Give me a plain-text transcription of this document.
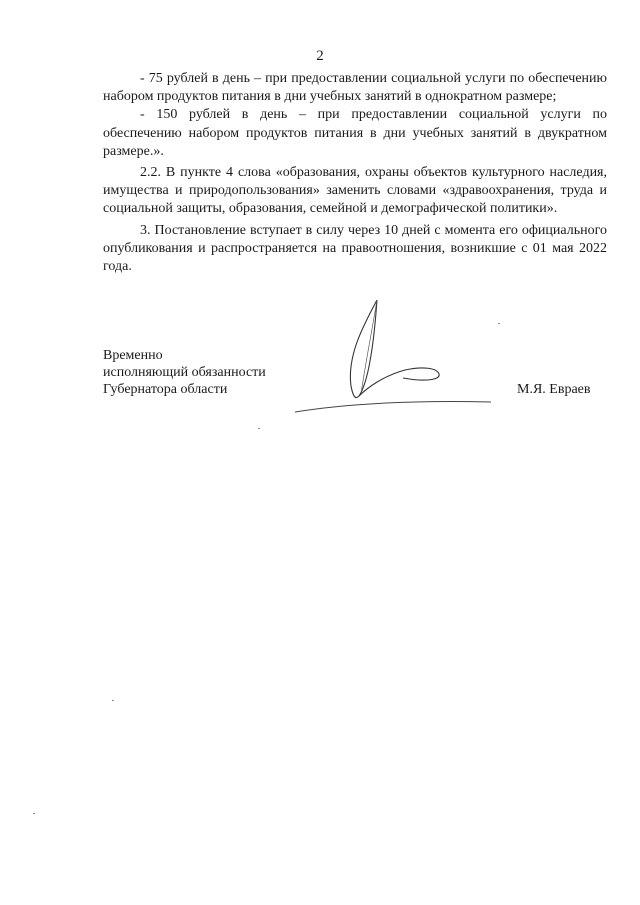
2

- 75 рублей в день – при предоставлении социальной услуги по обеспечению набором продуктов питания в дни учебных занятий в однократном размере;

- 150 рублей в день – при предоставлении социальной услуги по обеспечению набором продуктов питания в дни учебных занятий в двукратном размере.».

2.2. В пункте 4 слова «образования, охраны объектов культурного наследия, имущества и природопользования» заменить словами «здравоохранения, труда и социальной защиты, образования, семейной и демографической политики».

3. Постановление вступает в силу через 10 дней с момента его официального опубликования и распространяется на правоотношения, возникшие с 01 мая 2022 года.

Временно
исполняющий обязанности
Губернатора области	М.Я. Евраев
